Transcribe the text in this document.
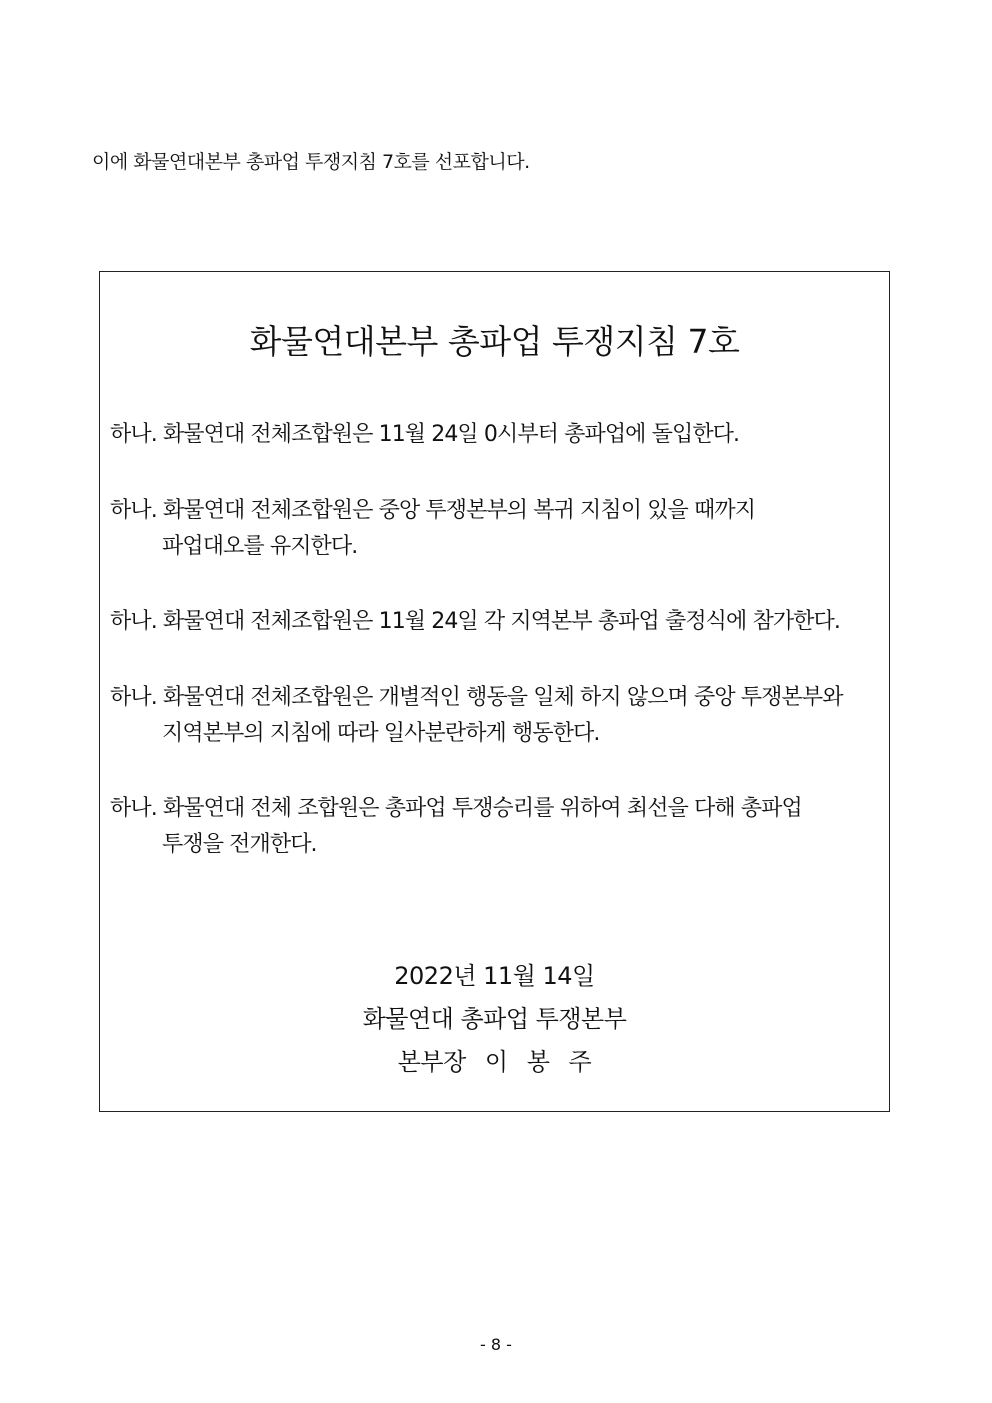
이에 화물연대본부 총파업 투쟁지침 7호를 선포합니다.
화물연대본부 총파업 투쟁지침 7호
하나. 화물연대 전체조합원은 11월 24일 0시부터 총파업에 돌입한다.
하나. 화물연대 전체조합원은 중앙 투쟁본부의 복귀 지침이 있을 때까지
파업대오를 유지한다.
하나. 화물연대 전체조합원은 11월 24일 각 지역본부 총파업 출정식에 참가한다.
하나. 화물연대 전체조합원은 개별적인 행동을 일체 하지 않으며 중앙 투쟁본부와
지역본부의 지침에 따라 일사분란하게 행동한다.
하나. 화물연대 전체 조합원은 총파업 투쟁승리를 위하여 최선을 다해 총파업
투쟁을 전개한다.
2022년 11월 14일
화물연대 총파업 투쟁본부
본부장 이 봉 주
- 8 -
